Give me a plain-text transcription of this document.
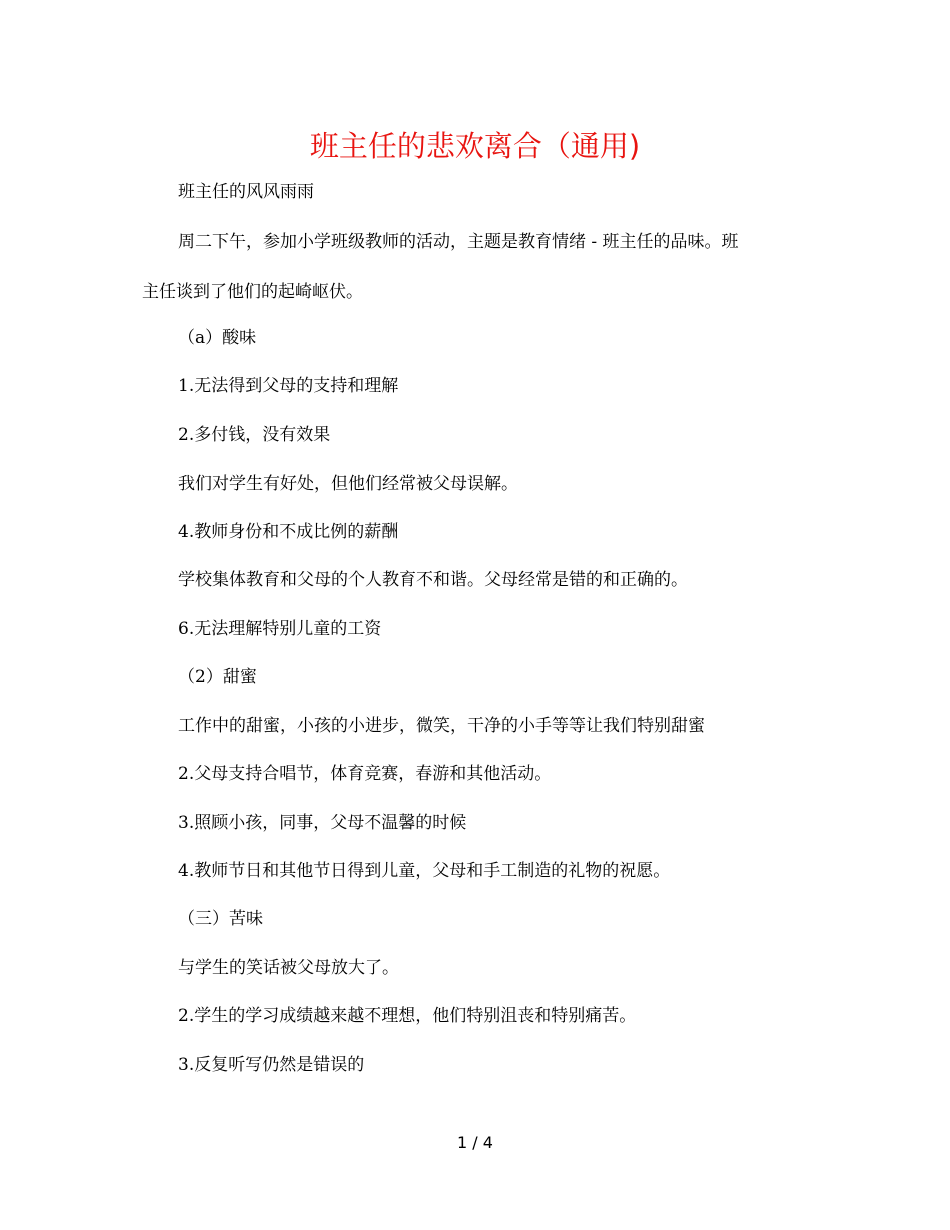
班主任的悲欢离合（通用)

班主任的风风雨雨

周二下午，参加小学班级教师的活动，主题是教育情绪 - 班主任的品味。班

主任谈到了他们的起崎岖伏。

（a）酸味

1.无法得到父母的支持和理解

2.多付钱，没有效果

我们对学生有好处，但他们经常被父母误解。

4.教师身份和不成比例的薪酬

学校集体教育和父母的个人教育不和谐。父母经常是错的和正确的。

6.无法理解特别儿童的工资

（2）甜蜜

工作中的甜蜜，小孩的小进步，微笑，干净的小手等等让我们特别甜蜜

2.父母支持合唱节，体育竞赛，春游和其他活动。

3.照顾小孩，同事，父母不温馨的时候

4.教师节日和其他节日得到儿童，父母和手工制造的礼物的祝愿。

（三）苦味

与学生的笑话被父母放大了。

2.学生的学习成绩越来越不理想，他们特别沮丧和特别痛苦。

3.反复听写仍然是错误的

1 / 4
